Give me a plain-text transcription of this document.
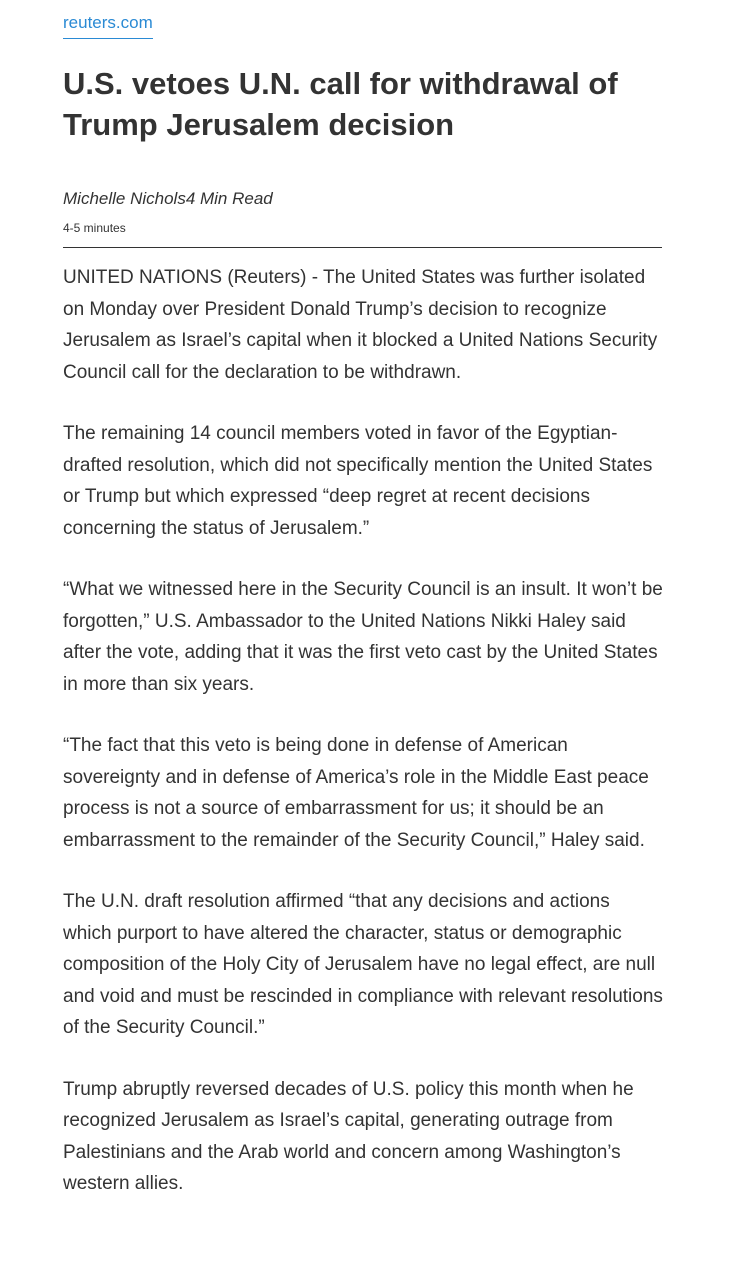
reuters.com
U.S. vetoes U.N. call for withdrawal of Trump Jerusalem decision
Michelle Nichols4 Min Read
4-5 minutes

UNITED NATIONS (Reuters) - The United States was further isolated on Monday over President Donald Trump’s decision to recognize Jerusalem as Israel’s capital when it blocked a United Nations Security Council call for the declaration to be withdrawn.

The remaining 14 council members voted in favor of the Egyptian-drafted resolution, which did not specifically mention the United States or Trump but which expressed “deep regret at recent decisions concerning the status of Jerusalem.”

“What we witnessed here in the Security Council is an insult. It won’t be forgotten,” U.S. Ambassador to the United Nations Nikki Haley said after the vote, adding that it was the first veto cast by the United States in more than six years.

“The fact that this veto is being done in defense of American sovereignty and in defense of America’s role in the Middle East peace process is not a source of embarrassment for us; it should be an embarrassment to the remainder of the Security Council,” Haley said.

The U.N. draft resolution affirmed “that any decisions and actions which purport to have altered the character, status or demographic composition of the Holy City of Jerusalem have no legal effect, are null and void and must be rescinded in compliance with relevant resolutions of the Security Council.”

Trump abruptly reversed decades of U.S. policy this month when he recognized Jerusalem as Israel’s capital, generating outrage from Palestinians and the Arab world and concern among Washington’s western allies.
